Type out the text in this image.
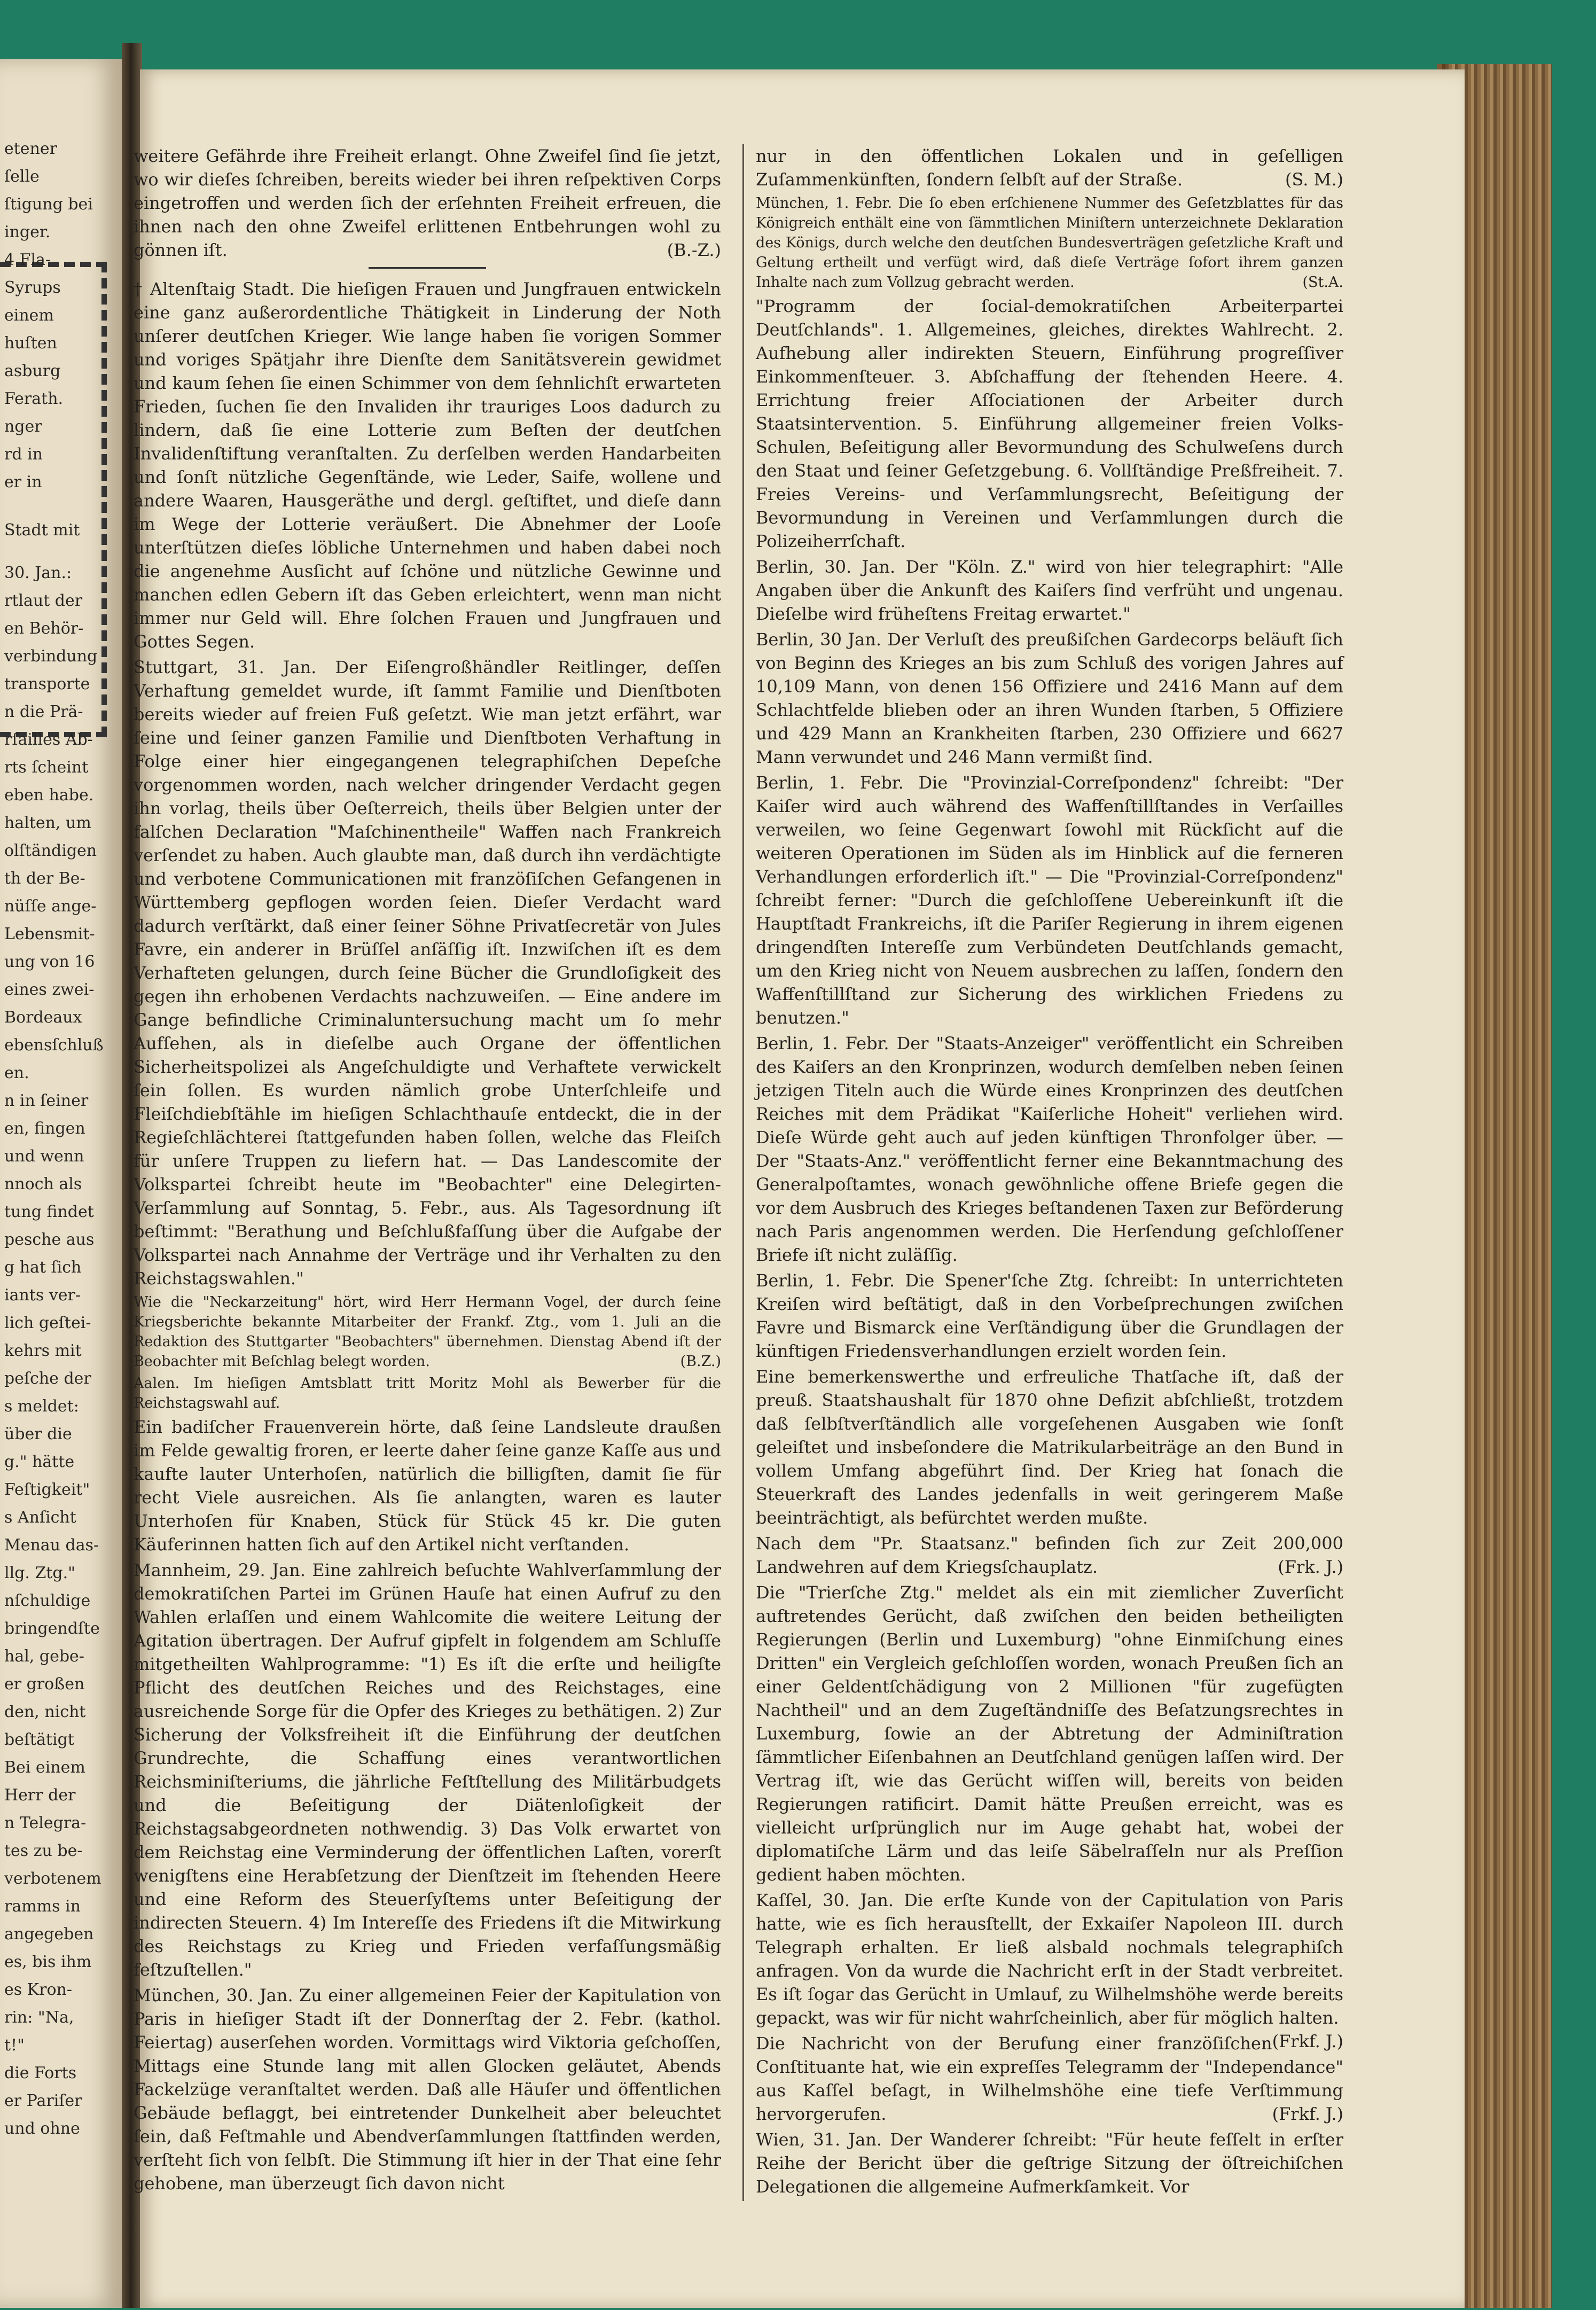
etener
ſelle
ſtigung bei
inger.
4 Fla-
Syrups
einem
huſten
asburg
Ferath.
nger
rd in
er in
Stadt mit
30. Jan.:
rtlaut der
en Behör-
verbindung
transporte
n die Prä-
rſailles Ab-
rts ſcheint
eben habe.
halten, um
olſtändigen
th der Be-
nüſſe ange-
Lebensmit-
ung von 16
eines zwei-
Bordeaux
ebensſchluß
en.
n in ſeiner
en, fingen
und wenn
nnoch als
tung findet
pesche aus
g hat ſich
iants ver-
lich geſtei-
kehrs mit
peſche der
s meldet:
über die
g." hätte
Feſtigkeit"
s Anſicht
Menau das-
llg. Ztg."
nſchuldige
bringendſte
hal, gebe-
er großen
den, nicht
beſtätigt
Bei einem
Herr der
n Telegra-
tes zu be-
verbotenem
ramms in
angegeben
es, bis ihm
es Kron-
rin: "Na,
t!"
die Forts
er Pariſer
und ohne

weitere Gefährde ihre Freiheit erlangt. Ohne Zweifel ſind ſie jetzt, wo wir dieſes ſchreiben, bereits wieder bei ihren reſpektiven Corps eingetroffen und werden ſich der erſehnten Freiheit erfreuen, die ihnen nach den ohne Zweifel erlittenen Entbehrungen wohl zu gönnen iſt.	(B.-Z.)

† Altenſtaig Stadt. Die hieſigen Frauen und Jungfrauen entwickeln eine ganz außerordentliche Thätigkeit in Linderung der Noth unſerer deutſchen Krieger. Wie lange haben ſie vorigen Sommer und voriges Spätjahr ihre Dienſte dem Sanitätsverein gewidmet und kaum ſehen ſie einen Schimmer von dem ſehnlichſt erwarteten Frieden, ſuchen ſie den Invaliden ihr trauriges Loos dadurch zu lindern, daß ſie eine Lotterie zum Beſten der deutſchen Invalidenſtiftung veranſtalten. Zu derſelben werden Handarbeiten und ſonſt nützliche Gegenſtände, wie Leder, Saife, wollene und andere Waaren, Hausgeräthe und dergl. geſtiftet, und dieſe dann im Wege der Lotterie veräußert. Die Abnehmer der Looſe unterſtützen dieſes löbliche Unternehmen und haben dabei noch die angenehme Ausſicht auf ſchöne und nützliche Gewinne und manchen edlen Gebern iſt das Geben erleichtert, wenn man nicht immer nur Geld will. Ehre ſolchen Frauen und Jungfrauen und Gottes Segen.

Stuttgart, 31. Jan. Der Eiſengroßhändler Reitlinger, deſſen Verhaftung gemeldet wurde, iſt ſammt Familie und Dienſtboten bereits wieder auf freien Fuß geſetzt. Wie man jetzt erfährt, war ſeine und ſeiner ganzen Familie und Dienſtboten Verhaftung in Folge einer hier eingegangenen telegraphiſchen Depeſche vorgenommen worden, nach welcher dringender Verdacht gegen ihn vorlag, theils über Oeſterreich, theils über Belgien unter der falſchen Declaration "Maſchinentheile" Waffen nach Frankreich verſendet zu haben. Auch glaubte man, daß durch ihn verdächtigte und verbotene Communicationen mit franzöſiſchen Gefangenen in Württemberg gepflogen worden ſeien. Dieſer Verdacht ward dadurch verſtärkt, daß einer ſeiner Söhne Privatſecretär von Jules Favre, ein anderer in Brüſſel anſäſſig iſt. Inzwiſchen iſt es dem Verhafteten gelungen, durch ſeine Bücher die Grundloſigkeit des gegen ihn erhobenen Verdachts nachzuweiſen. — Eine andere im Gange befindliche Criminaluntersuchung macht um ſo mehr Aufſehen, als in dieſelbe auch Organe der öffentlichen Sicherheitspolizei als Angeſchuldigte und Verhaftete verwickelt ſein ſollen. Es wurden nämlich grobe Unterſchleife und Fleiſchdiebſtähle im hieſigen Schlachthauſe entdeckt, die in der Regieſchlächterei ſtattgefunden haben ſollen, welche das Fleiſch für unſere Truppen zu liefern hat. — Das Landescomite der Volkspartei ſchreibt heute im "Beobachter" eine Delegirten-Verſammlung auf Sonntag, 5. Febr., aus. Als Tagesordnung iſt beſtimmt: "Berathung und Beſchlußfaſſung über die Aufgabe der Volkspartei nach Annahme der Verträge und ihr Verhalten zu den Reichstagswahlen."

Wie die "Neckarzeitung" hört, wird Herr Hermann Vogel, der durch ſeine Kriegsberichte bekannte Mitarbeiter der Frankf. Ztg., vom 1. Juli an die Redaktion des Stuttgarter "Beobachters" übernehmen. Dienstag Abend iſt der Beobachter mit Beſchlag belegt worden.	(B.Z.)

Aalen. Im hieſigen Amtsblatt tritt Moritz Mohl als Bewerber für die Reichstagswahl auf.

Ein badiſcher Frauenverein hörte, daß ſeine Landsleute draußen im Felde gewaltig froren, er leerte daher ſeine ganze Kaſſe aus und kaufte lauter Unterhoſen, natürlich die billigſten, damit ſie für recht Viele ausreichen. Als ſie anlangten, waren es lauter Unterhoſen für Knaben, Stück für Stück 45 kr. Die guten Käuferinnen hatten ſich auf den Artikel nicht verſtanden.

Mannheim, 29. Jan. Eine zahlreich beſuchte Wahlverſammlung der demokratiſchen Partei im Grünen Hauſe hat einen Aufruf zu den Wahlen erlaſſen und einem Wahlcomite die weitere Leitung der Agitation übertragen. Der Aufruf gipfelt in folgendem am Schluſſe mitgetheilten Wahlprogramme: "1) Es iſt die erſte und heiligſte Pflicht des deutſchen Reiches und des Reichstages, eine ausreichende Sorge für die Opfer des Krieges zu bethätigen. 2) Zur Sicherung der Volksfreiheit iſt die Einführung der deutſchen Grundrechte, die Schaffung eines verantwortlichen Reichsminiſteriums, die jährliche Feſtſtellung des Militärbudgets und die Beſeitigung der Diätenloſigkeit der Reichstagsabgeordneten nothwendig. 3) Das Volk erwartet von dem Reichstag eine Verminderung der öffentlichen Laſten, vorerſt wenigſtens eine Herabſetzung der Dienſtzeit im ſtehenden Heere und eine Reform des Steuerſyſtems unter Beſeitigung der indirecten Steuern. 4) Im Intereſſe des Friedens iſt die Mitwirkung des Reichstags zu Krieg und Frieden verfaſſungsmäßig feſtzuſtellen."

München, 30. Jan. Zu einer allgemeinen Feier der Kapitulation von Paris in hieſiger Stadt iſt der Donnerſtag der 2. Febr. (kathol. Feiertag) auserſehen worden. Vormittags wird Viktoria geſchoſſen, Mittags eine Stunde lang mit allen Glocken geläutet, Abends Fackelzüge veranſtaltet werden. Daß alle Häuſer und öffentlichen Gebäude beflaggt, bei eintretender Dunkelheit aber beleuchtet ſein, daß Feſtmahle und Abendverſammlungen ſtattfinden werden, verſteht ſich von ſelbſt. Die Stimmung iſt hier in der That eine ſehr gehobene, man überzeugt ſich davon nicht

nur in den öffentlichen Lokalen und in geſelligen Zuſammenkünften, ſondern ſelbſt auf der Straße.	(S. M.)

München, 1. Febr. Die ſo eben erſchienene Nummer des Geſetzblattes für das Königreich enthält eine von ſämmtlichen Miniſtern unterzeichnete Deklaration des Königs, durch welche den deutſchen Bundesverträgen geſetzliche Kraft und Geltung ertheilt und verfügt wird, daß dieſe Verträge ſofort ihrem ganzen Inhalte nach zum Vollzug gebracht werden.	(St.A.

"Programm der ſocial-demokratiſchen Arbeiterpartei Deutſchlands". 1. Allgemeines, gleiches, direktes Wahlrecht. 2. Aufhebung aller indirekten Steuern, Einführung progreſſiver Einkommenſteuer. 3. Abſchaffung der ſtehenden Heere. 4. Errichtung freier Aſſociationen der Arbeiter durch Staatsintervention. 5. Einführung allgemeiner freien Volks-Schulen, Beſeitigung aller Bevormundung des Schulweſens durch den Staat und ſeiner Geſetzgebung. 6. Vollſtändige Preßfreiheit. 7. Freies Vereins- und Verſammlungsrecht, Beſeitigung der Bevormundung in Vereinen und Verſammlungen durch die Polizeiherrſchaft.

Berlin, 30. Jan. Der "Köln. Z." wird von hier telegraphirt: "Alle Angaben über die Ankunft des Kaiſers ſind verfrüht und ungenau. Dieſelbe wird früheſtens Freitag erwartet."

Berlin, 30 Jan. Der Verluſt des preußiſchen Gardecorps beläuft ſich von Beginn des Krieges an bis zum Schluß des vorigen Jahres auf 10,109 Mann, von denen 156 Offiziere und 2416 Mann auf dem Schlachtfelde blieben oder an ihren Wunden ſtarben, 5 Offiziere und 429 Mann an Krankheiten ſtarben, 230 Offiziere und 6627 Mann verwundet und 246 Mann vermißt ſind.

Berlin, 1. Febr. Die "Provinzial-Correſpondenz" ſchreibt: "Der Kaiſer wird auch während des Waffenſtillſtandes in Verſailles verweilen, wo ſeine Gegenwart ſowohl mit Rückſicht auf die weiteren Operationen im Süden als im Hinblick auf die ferneren Verhandlungen erforderlich iſt." — Die "Provinzial-Correſpondenz" ſchreibt ferner: "Durch die geſchloſſene Uebereinkunft iſt die Hauptſtadt Frankreichs, iſt die Pariſer Regierung in ihrem eigenen dringendſten Intereſſe zum Verbündeten Deutſchlands gemacht, um den Krieg nicht von Neuem ausbrechen zu laſſen, ſondern den Waffenſtillſtand zur Sicherung des wirklichen Friedens zu benutzen."

Berlin, 1. Febr. Der "Staats-Anzeiger" veröffentlicht ein Schreiben des Kaiſers an den Kronprinzen, wodurch demſelben neben ſeinen jetzigen Titeln auch die Würde eines Kronprinzen des deutſchen Reiches mit dem Prädikat "Kaiſerliche Hoheit" verliehen wird. Dieſe Würde geht auch auf jeden künftigen Thronfolger über. — Der "Staats-Anz." veröffentlicht ferner eine Bekanntmachung des Generalpoſtamtes, wonach gewöhnliche offene Briefe gegen die vor dem Ausbruch des Krieges beſtandenen Taxen zur Beförderung nach Paris angenommen werden. Die Herſendung geſchloſſener Briefe iſt nicht zuläſſig.

Berlin, 1. Febr. Die Spener'ſche Ztg. ſchreibt: In unterrichteten Kreiſen wird beſtätigt, daß in den Vorbeſprechungen zwiſchen Favre und Bismarck eine Verſtändigung über die Grundlagen der künftigen Friedensverhandlungen erzielt worden ſein.

Eine bemerkenswerthe und erfreuliche Thatſache iſt, daß der preuß. Staatshaushalt für 1870 ohne Defizit abſchließt, trotzdem daß ſelbſtverſtändlich alle vorgeſehenen Ausgaben wie ſonſt geleiſtet und insbeſondere die Matrikularbeiträge an den Bund in vollem Umfang abgeführt ſind. Der Krieg hat ſonach die Steuerkraft des Landes jedenfalls in weit geringerem Maße beeinträchtigt, als befürchtet werden mußte.

Nach dem "Pr. Staatsanz." befinden ſich zur Zeit 200,000 Landwehren auf dem Kriegsſchauplatz.	(Frk. J.)

Die "Trierſche Ztg." meldet als ein mit ziemlicher Zuverſicht auftretendes Gerücht, daß zwiſchen den beiden betheiligten Regierungen (Berlin und Luxemburg) "ohne Einmiſchung eines Dritten" ein Vergleich geſchloſſen worden, wonach Preußen ſich an einer Geldentſchädigung von 2 Millionen "für zugefügten Nachtheil" und an dem Zugeſtändniſſe des Beſatzungsrechtes in Luxemburg, ſowie an der Abtretung der Adminiſtration ſämmtlicher Eiſenbahnen an Deutſchland genügen laſſen wird. Der Vertrag iſt, wie das Gerücht wiſſen will, bereits von beiden Regierungen ratificirt. Damit hätte Preußen erreicht, was es vielleicht urſprünglich nur im Auge gehabt hat, wobei der diplomatiſche Lärm und das leiſe Säbelraſſeln nur als Preſſion gedient haben möchten.

Kaſſel, 30. Jan. Die erſte Kunde von der Capitulation von Paris hatte, wie es ſich herausſtellt, der Exkaiſer Napoleon III. durch Telegraph erhalten. Er ließ alsbald nochmals telegraphiſch anfragen. Von da wurde die Nachricht erſt in der Stadt verbreitet. Es iſt ſogar das Gerücht in Umlauf, zu Wilhelmshöhe werde bereits gepackt, was wir für nicht wahrſcheinlich, aber für möglich halten.
(Frkf. J.)

Die Nachricht von der Berufung einer franzöſiſchen Conſtituante hat, wie ein expreſſes Telegramm der "Independance" aus Kaſſel beſagt, in Wilhelmshöhe eine tiefe Verſtimmung hervorgerufen.	(Frkf. J.)

Wien, 31. Jan. Der Wanderer ſchreibt: "Für heute feſſelt in erſter Reihe der Bericht über die geſtrige Sitzung der öſtreichiſchen Delegationen die allgemeine Aufmerkſamkeit. Vor
